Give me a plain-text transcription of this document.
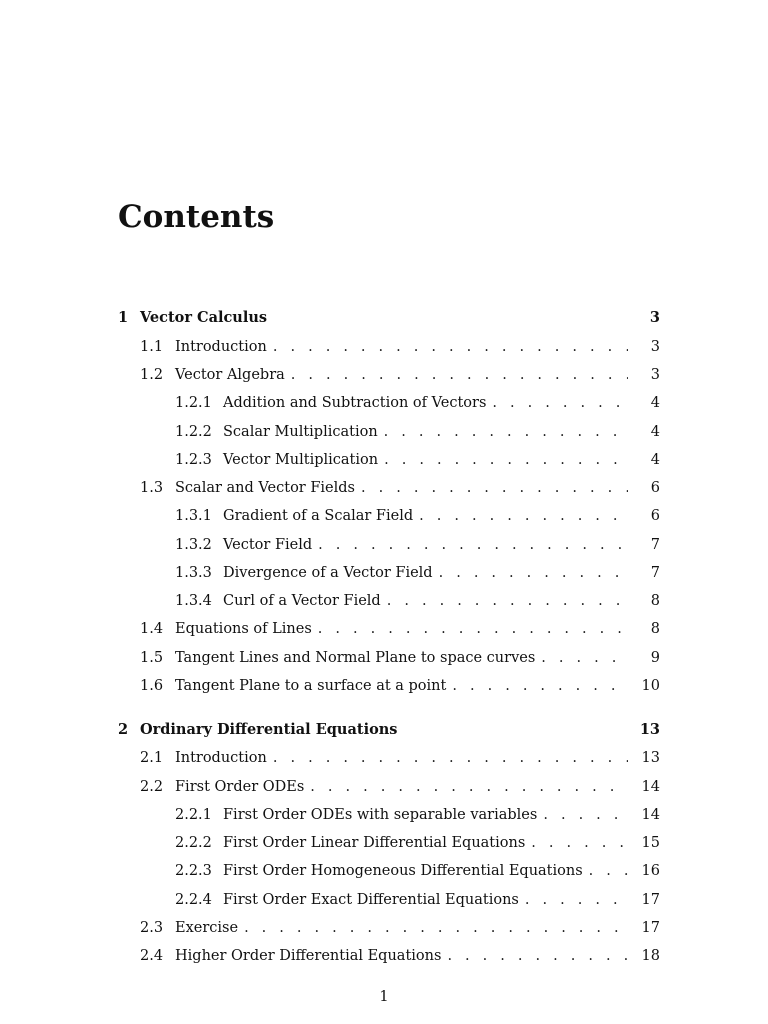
Contents
1 Vector Calculus	3
1.1 Introduction . . .	3
1.2 Vector Algebra . . .	3
1.2.1 Addition and Subtraction of Vectors . . .	4
1.2.2 Scalar Multiplication . . .	4
1.2.3 Vector Multiplication . . .	4
1.3 Scalar and Vector Fields . . .	6
1.3.1 Gradient of a Scalar Field . . .	6
1.3.2 Vector Field . . .	7
1.3.3 Divergence of a Vector Field . . .	7
1.3.4 Curl of a Vector Field . . .	8
1.4 Equations of Lines . . .	8
1.5 Tangent Lines and Normal Plane to space curves . . .	9
1.6 Tangent Plane to a surface at a point . . .	10
2 Ordinary Differential Equations	13
2.1 Introduction . . .	13
2.2 First Order ODEs . . .	14
2.2.1 First Order ODEs with separable variables . . .	14
2.2.2 First Order Linear Differential Equations . . .	15
2.2.3 First Order Homogeneous Differential Equations . . .	16
2.2.4 First Order Exact Differential Equations . . .	17
2.3 Exercise . . .	17
2.4 Higher Order Differential Equations . . .	18
1
